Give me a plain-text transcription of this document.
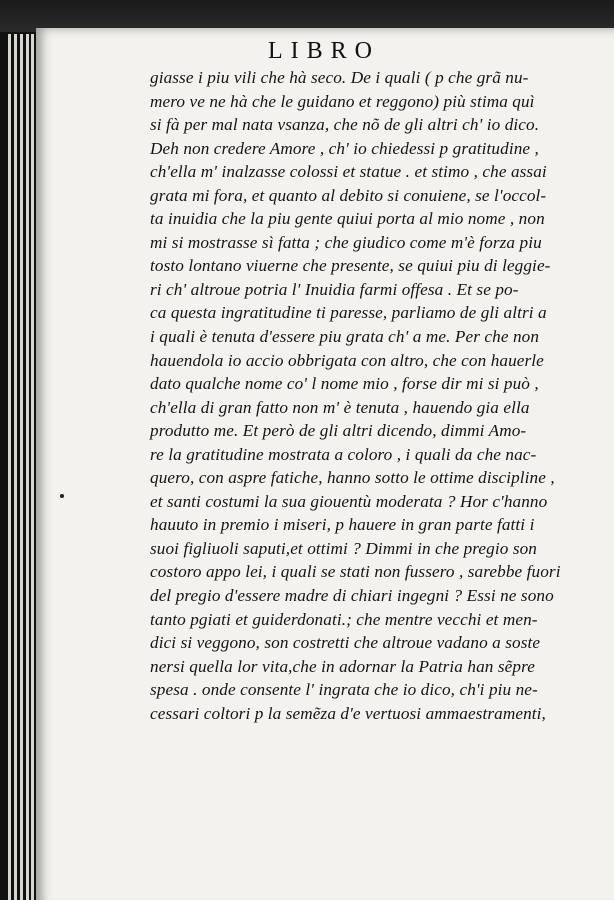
LIBRO
giasse i piu vili che hà seco. De i quali ( p che grã nu-
mero ve ne hà che le guidano et reggono) più stima quì
si fà per mal nata vsanza, che nõ de gli altri ch' io dico.
Deh non credere Amore , ch' io chiedessi p gratitudine ,
ch'ella m' inalzasse colossi et statue . et stimo , che assai
grata mi fora, et quanto al debito si conuiene, se l'occol-
ta inuidia che la piu gente quiui porta al mio nome , non
mi si mostrasse sì fatta ; che giudico come m'è forza piu
tosto lontano viuerne che presente, se quiui piu di leggie-
ri ch' altroue potria l' Inuidia farmi offesa . Et se po-
ca questa ingratitudine ti paresse, parliamo de gli altri a
i quali è tenuta d'essere piu grata ch' a me. Per che non
hauendola io accio obbrigata con altro, che con hauerle
dato qualche nome co' l nome mio , forse dir mi si può ,
ch'ella di gran fatto non m' è tenuta , hauendo gia ella
produtto me. Et però de gli altri dicendo, dimmi Amo-
re la gratitudine mostrata a coloro , i quali da che nac-
quero, con aspre fatiche, hanno sotto le ottime discipline ,
et santi costumi la sua giouentù moderata ? Hor c'hanno
hauuto in premio i miseri, p hauere in gran parte fatti i
suoi figliuoli saputi,et ottimi ? Dimmi in che pregio son
costoro appo lei, i quali se stati non fussero , sarebbe fuori
del pregio d'essere madre di chiari ingegni ? Essi ne sono
tanto pgiati et guiderdonati.; che mentre vecchi et men-
dici si veggono, son costretti che altroue vadano a soste
nersi quella lor vita,che in adornar la Patria han sẽpre
spesa . onde consente l' ingrata che io dico, ch'i piu ne-
cessari coltori p la semẽza d'e vertuosi ammaestramenti,
